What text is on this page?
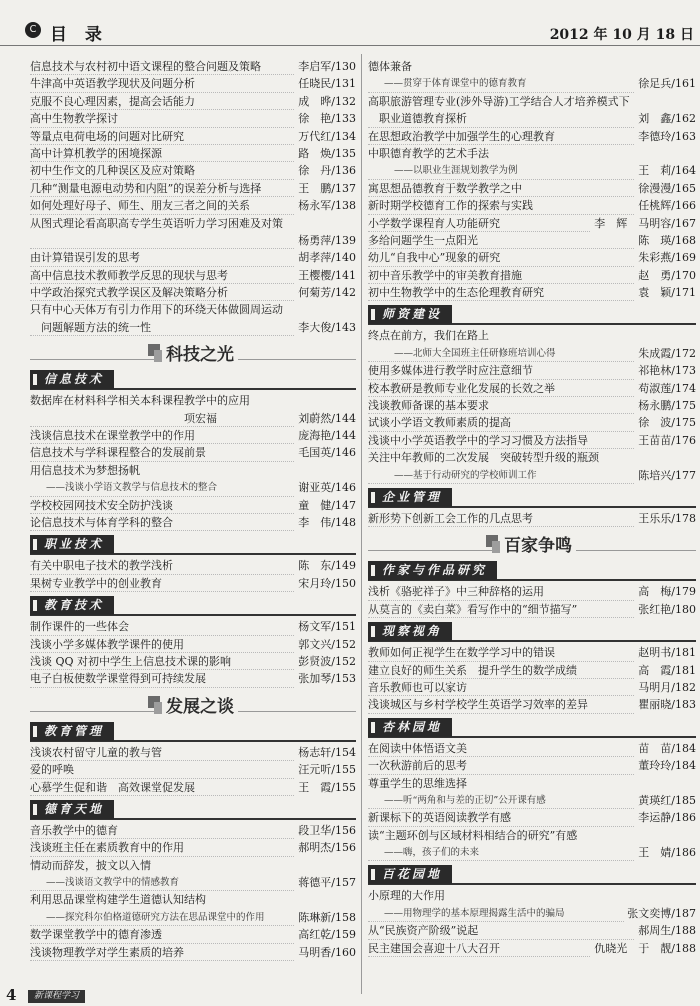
C 目 录	2012 年 10 月 18 日
信息技术与农村初中语文课程的整合问题及策略	李启军/130
牛津高中英语教学现状及问题分析	任晓民/131
克服不良心理因素，提高会话能力	成　晔/132
高中生物教学探讨	徐　艳/133
等量点电荷电场的问题对比研究	万代红/134
高中计算机教学的困境探源	路　焕/135
初中生作文的几种误区及应对策略	徐　丹/136
几种“测量电源电动势和内阻”的误差分析与选择	王　鹏/137
如何处理好母子、师生、朋友三者之间的关系	杨永军/138
从图式理论看高职高专学生英语听力学习困难及对策
杨勇萍/139
由计算错误引发的思考	胡孝萍/140
高中信息技术教师教学反思的现状与思考	王樱樱/141
中学政治探究式教学误区及解决策略分析	何菊芳/142
只有中心天体万有引力作用下的环绕天体做圆周运动
　问题解题方法的统一性	李大俊/143
科技之光
信息技术
数据库在材料科学相关本科课程教学中的应用
　　　　　　　　　　　　　　项宏福	刘蔚然/144
浅谈信息技术在课堂教学中的作用	庞海艳/144
信息技术与学科课程整合的发展前景	毛国英/146
用信息技术为梦想扬帆
——浅谈小学语文教学与信息技术的整合	谢亚英/146
学校校园网技术安全防护浅谈	童　健/147
论信息技术与体育学科的整合	李　伟/148
职业技术
有关中职电子技术的教学浅析	陈　东/149
果树专业教学中的创业教育	宋月玲/150
教育技术
制作课件的一些体会	杨文军/151
浅谈小学多媒体教学课件的使用	郭文兴/152
浅谈 QQ 对初中学生上信息技术课的影响	彭贤波/152
电子白板使数学课堂得到可持续发展	张加琴/153
发展之谈
教育管理
浅谈农村留守儿童的教与管	杨志轩/154
爱的呼唤	汪元听/155
心慕学生促和谐　高效课堂促发展	王　霞/155
德育天地
音乐教学中的德育	段卫华/156
浅谈班主任在素质教育中的作用	郝明杰/156
情动而辞发，披文以入情
——浅谈语文教学中的情感教育	蒋德平/157
利用思品课堂构建学生道德认知结构
——探究科尔伯格道德研究方法在思品课堂中的作用	陈琳新/158
数学课堂教学中的德育渗透	高红乾/159
浅谈物理教学对学生素质的培养	马明香/160
德体兼备
——贯穿于体育课堂中的德育教育	徐足兵/161
高职旅游管理专业(涉外导游)工学结合人才培养模式下
　职业道德教育探析	刘　鑫/162
在思想政治教学中加强学生的心理教育	李德玲/163
中职德育教学的艺术手法
——以职业生涯规划教学为例	王　莉/164
寓思想品德教育于数学教学之中	徐漫漫/165
新时期学校德育工作的探索与实践	任桃辉/166
小学数学课程育人功能研究	李　辉　马明容/167
多给问题学生一点阳光	陈　瑛/168
幼儿“自我中心”现象的研究	朱彩燕/169
初中音乐教学中的审美教育措施	赵　勇/170
初中生物教学中的生态伦理教育研究	袁　颖/171
师资建设
终点在前方，我们在路上
——北师大全国班主任研修班培训心得	朱成霞/172
使用多媒体进行教学时应注意细节	祁艳林/173
校本教研是教师专业化发展的长效之举	苟淑莲/174
浅谈教师备课的基本要求	杨永鹏/175
试谈小学语文教师素质的提高	徐　波/175
浅谈中小学英语教学中的学习习惯及方法指导	王苗苗/176
关注中年教师的二次发展　突破转型升级的瓶颈
——基于行动研究的学校师训工作	陈培兴/177
企业管理
新形势下创新工会工作的几点思考	王乐乐/178
百家争鸣
作家与作品研究
浅析《骆驼祥子》中三种辞格的运用	高　梅/179
从莫言的《卖白菜》看写作中的“细节描写”	张红艳/180
现察视角
教师如何正视学生在数学学习中的错误	赵明书/181
建立良好的师生关系　提升学生的数学成绩	高　霞/181
音乐教师也可以家访	马明月/182
浅谈城区与乡村学校学生英语学习效率的差异	瞿丽晓/183
杏林园地
在阅读中体悟语文美	苗　苗/184
一次秋游前后的思考	董玲玲/184
尊重学生的思维选择
——听“两角和与差的正切”公开课有感	黄瑛红/185
新课标下的英语阅读教学有感	李运静/186
读“主题环创与区域材料相结合的研究”有感
——嗨，孩子们的未来	王　婧/186
百花园地
小原理的大作用
——用物理学的基本原理揭露生活中的骗局	张文奕博/187
从“民族资产阶级”说起	郝周生/188
民主建国会喜迎十八大召开	仇晓光　于　靓/188
4	新课程学习
